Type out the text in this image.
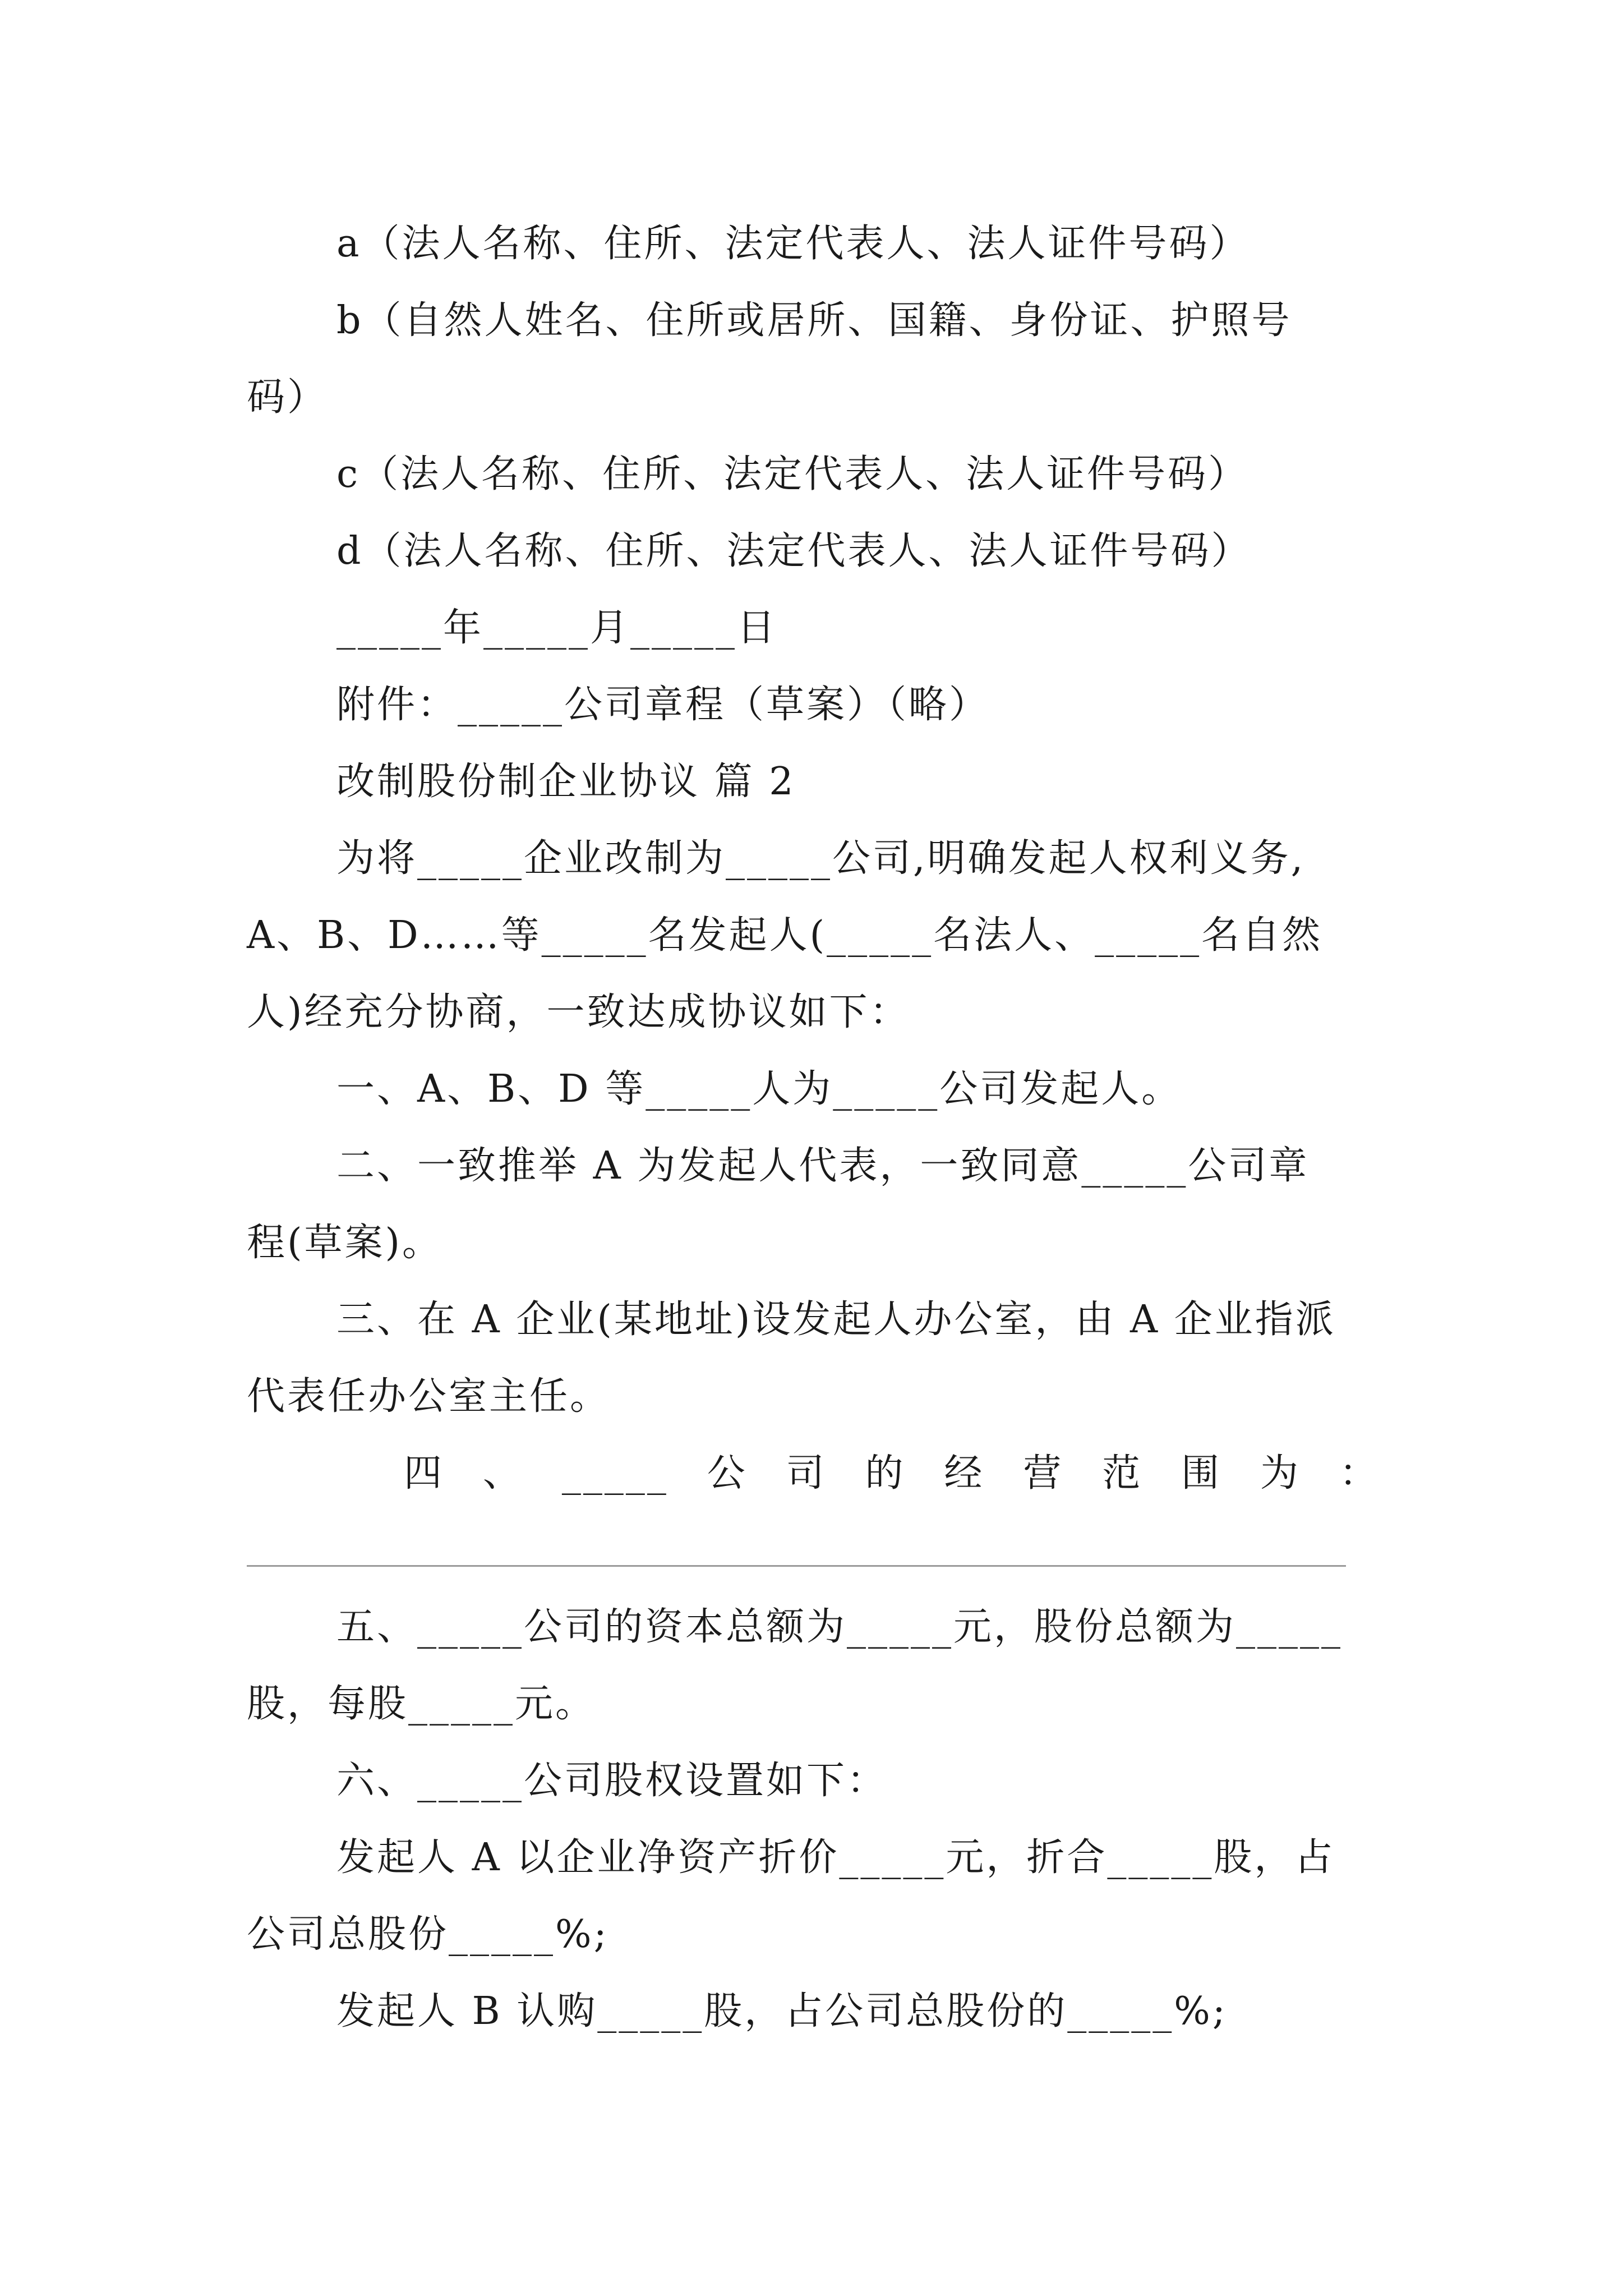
a（法人名称、住所、法定代表人、法人证件号码）
b（自然人姓名、住所或居所、国籍、身份证、护照号
码）
c（法人名称、住所、法定代表人、法人证件号码）
d（法人名称、住所、法定代表人、法人证件号码）
_____年_____月_____日
附件：_____公司章程（草案）（略）
改制股份制企业协议 篇 2
为将_____企业改制为_____公司,明确发起人权利义务,
A、B、D……等_____名发起人(_____名法人、_____名自然
人)经充分协商，一致达成协议如下：
一、A、B、D 等_____人为_____公司发起人。
二、一致推举 A 为发起人代表，一致同意_____公司章
程(草案)。
三、在 A 企业(某地址)设发起人办公室，由 A 企业指派
代表任办公室主任。
四 、 _____ 公 司 的 经 营 范 围 为 ：
五、_____公司的资本总额为_____元，股份总额为_____
股，每股_____元。
六、_____公司股权设置如下：
发起人 A 以企业净资产折价_____元，折合_____股，占
公司总股份_____%;
发起人 B 认购_____股，占公司总股份的_____%;
